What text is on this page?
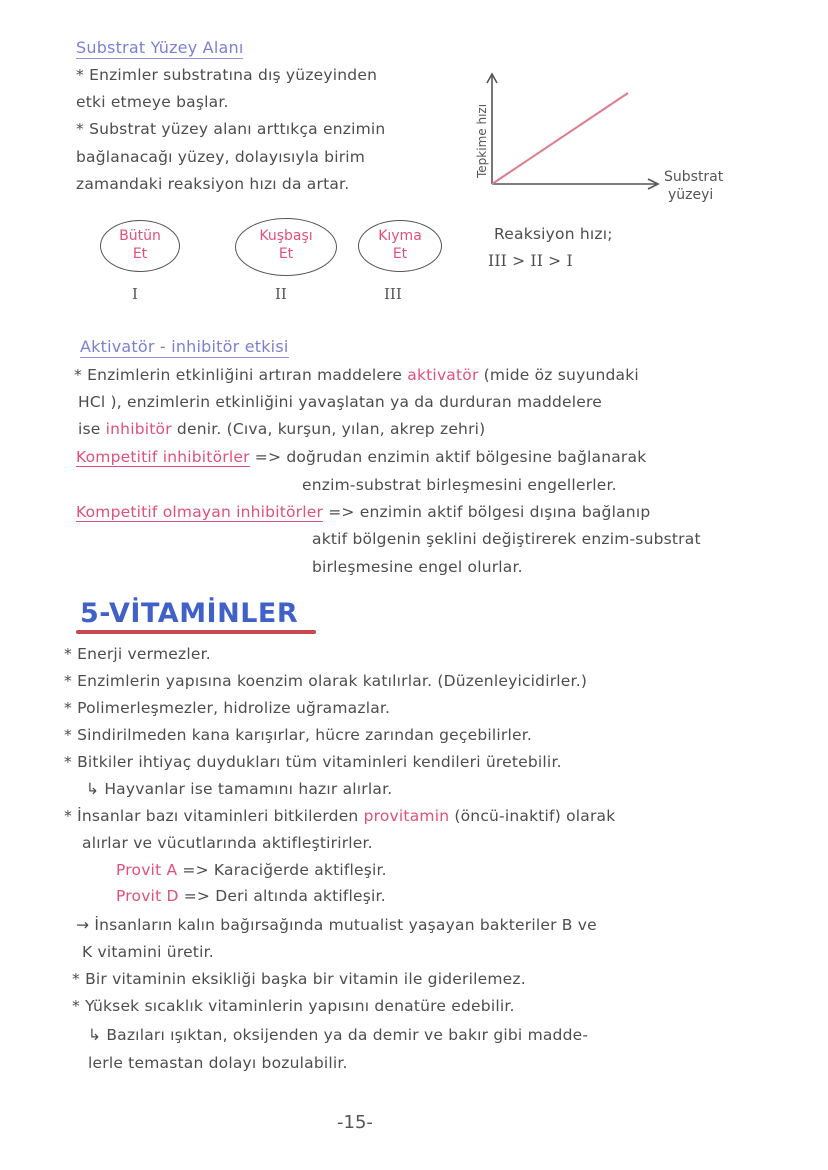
Substrat Yüzey Alanı
* Enzimler substratına dış yüzeyinden
etki etmeye başlar.
* Substrat yüzey alanı arttıkça enzimin
bağlanacağı yüzey, dolayısıyla birim
zamandaki reaksiyon hızı da artar.
Tepkime hızı	Substrat
yüzeyi
Bütün
Et
Kuşbaşı
Et
Kıyma
Et
I	II	III
Reaksiyon hızı;
III > II > I
Aktivatör - inhibitör etkisi
* Enzimlerin etkinliğini artıran maddelere aktivatör (mide öz suyundaki
HCl ), enzimlerin etkinliğini yavaşlatan ya da durduran maddelere
ise inhibitör denir. (Cıva, kurşun, yılan, akrep zehri)
Kompetitif inhibitörler => doğrudan enzimin aktif bölgesine bağlanarak
enzim-substrat birleşmesini engellerler.
Kompetitif olmayan inhibitörler => enzimin aktif bölgesi dışına bağlanıp
aktif bölgenin şeklini değiştirerek enzim-substrat
birleşmesine engel olurlar.
5-VİTAMİNLER
* Enerji vermezler.
* Enzimlerin yapısına koenzim olarak katılırlar. (Düzenleyicidirler.)
* Polimerleşmezler, hidrolize uğramazlar.
* Sindirilmeden kana karışırlar, hücre zarından geçebilirler.
* Bitkiler ihtiyaç duydukları tüm vitaminleri kendileri üretebilir.
↳ Hayvanlar ise tamamını hazır alırlar.
* İnsanlar bazı vitaminleri bitkilerden provitamin (öncü-inaktif) olarak
alırlar ve vücutlarında aktifleştirirler.
Provit A => Karaciğerde aktifleşir.
Provit D => Deri altında aktifleşir.
→ İnsanların kalın bağırsağında mutualist yaşayan bakteriler B ve
K vitamini üretir.
* Bir vitaminin eksikliği başka bir vitamin ile giderilemez.
* Yüksek sıcaklık vitaminlerin yapısını denatüre edebilir.
↳ Bazıları ışıktan, oksijenden ya da demir ve bakır gibi madde-
lerle temastan dolayı bozulabilir.
-15-
